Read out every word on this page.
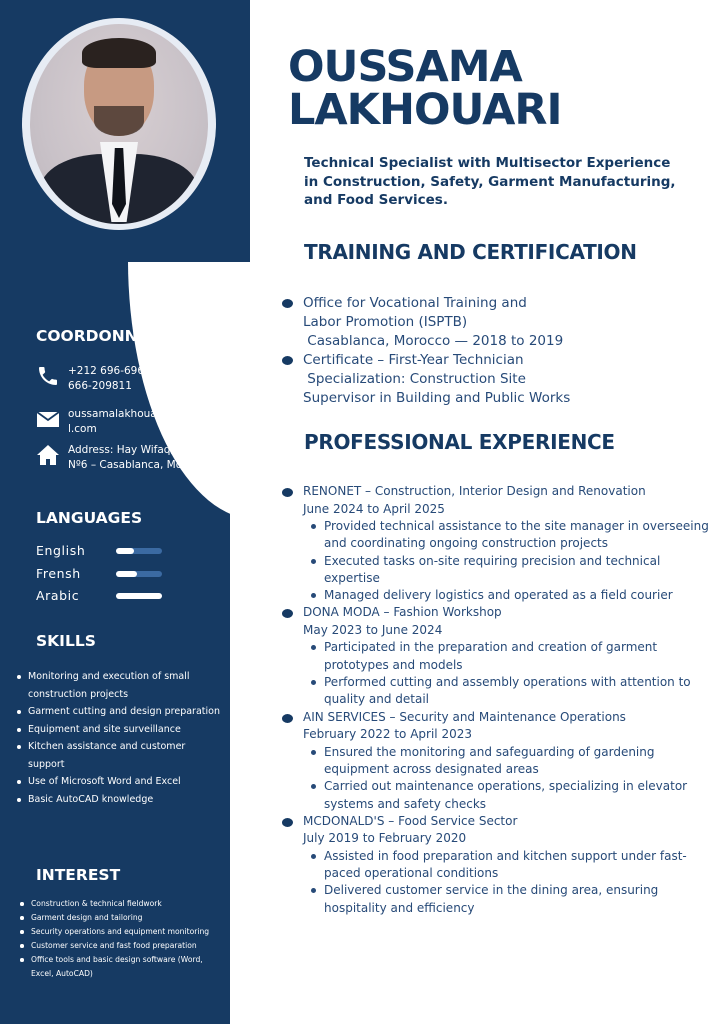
OUSSAMA
LAKHOUARI

Technical Specialist with Multisector Experience in Construction, Safety, Garment Manufacturing, and Food Services.

TRAINING AND CERTIFICATION
Office for Vocational Training and
Labor Promotion (ISPTB)
Casablanca, Morocco — 2018 to 2019
Certificate – First-Year Technician
Specialization: Construction Site
Supervisor in Building and Public Works
PROFESSIONAL EXPERIENCE
RENONET – Construction, Interior Design and Renovation
June 2024 to April 2025
Provided technical assistance to the site manager in overseeing and coordinating ongoing construction projects
Executed tasks on-site requiring precision and technical expertise
Managed delivery logistics and operated as a field courier
DONA MODA – Fashion Workshop
May 2023 to June 2024
Participated in the preparation and creation of garment prototypes and models
Performed cutting and assembly operations with attention to quality and detail
AIN SERVICES – Security and Maintenance Operations
February 2022 to April 2023
Ensured the monitoring and safeguarding of gardening equipment across designated areas
Carried out maintenance operations, specializing in elevator systems and safety checks
MCDONALD'S – Food Service Sector
July 2019 to February 2020
Assisted in food preparation and kitchen support under fast-paced operational conditions
Delivered customer service in the dining area, ensuring hospitality and efficiency
COORDONNÉES
+212 696-696681 / +212 666-209811
oussamalakhouari088@gmail.com
Address: Hay Wifaq, Rue 106, Nº6 – Casablanca, Morocco
LANGUAGES
English
Frensh
Arabic
SKILLS
Monitoring and execution of small construction projects
Garment cutting and design preparation
Equipment and site surveillance
Kitchen assistance and customer support
Use of Microsoft Word and Excel
Basic AutoCAD knowledge
INTEREST
Construction & technical fieldwork
Garment design and tailoring
Security operations and equipment monitoring
Customer service and fast food preparation
Office tools and basic design software (Word, Excel, AutoCAD)
